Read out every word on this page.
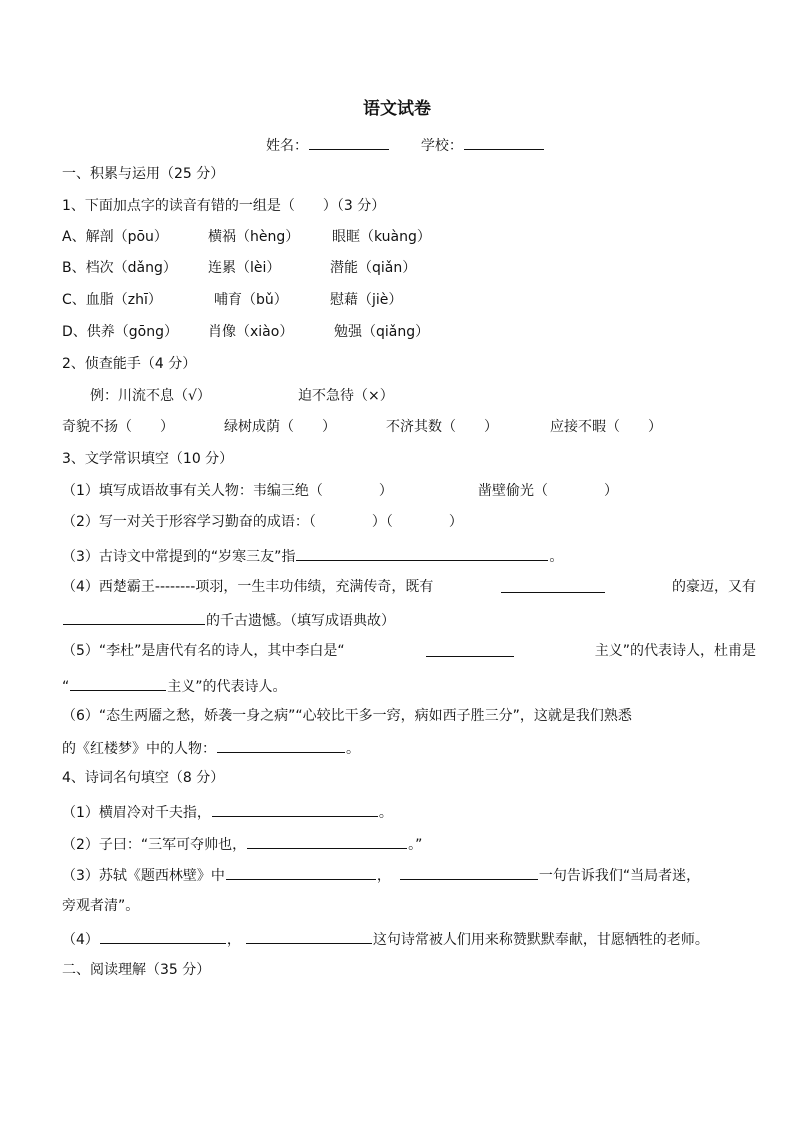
语文试卷
姓名：	学校：
一、积累与运用（25 分）
1、下面加点字的读音有错的一组是（　　）（3 分）
A、解剖（pōu）	横祸（hèng） 眼眶（kuàng）
B、档次（dǎng） 连累（lèi）	潜能（qiǎn）
C、血脂（zhī）	哺育（bǔ）	慰藉（jiè）
D、供养（gōng） 肖像（xiào）	勉强（qiǎng）
2、侦查能手（4 分）
例：川流不息（√）	迫不急待（×）
奇貌不扬（　　）	绿树成荫（　　）	不济其数（　　）	应接不暇（　　）
3、文学常识填空（10 分）
（1）填写成语故事有关人物：韦编三绝（　　　　）	凿壁偷光（　　　　）
（2）写一对关于形容学习勤奋的成语：（　　　　）（　　　　）
（3）古诗文中常提到的“岁寒三友”指	。
（4）西楚霸王--------项羽，一生丰功伟绩，充满传奇，既有	的豪迈，又有
的千古遗憾。（填写成语典故）
（5）“李杜”是唐代有名的诗人，其中李白是“	主义”的代表诗人，杜甫是
“	主义”的代表诗人。
（6）“态生两靥之愁，娇袭一身之病”“心较比干多一窍，病如西子胜三分”，这就是我们熟悉
的《红楼梦》中的人物：	。
4、诗词名句填空（8 分）
（1）横眉冷对千夫指，	。
（2）子曰：“三军可夺帅也，	。”
（3）苏轼《题西林壁》中	，	一句告诉我们“当局者迷，
旁观者清”。
（4）	，	这句诗常被人们用来称赞默默奉献，甘愿牺牲的老师。
二、阅读理解（35 分）
